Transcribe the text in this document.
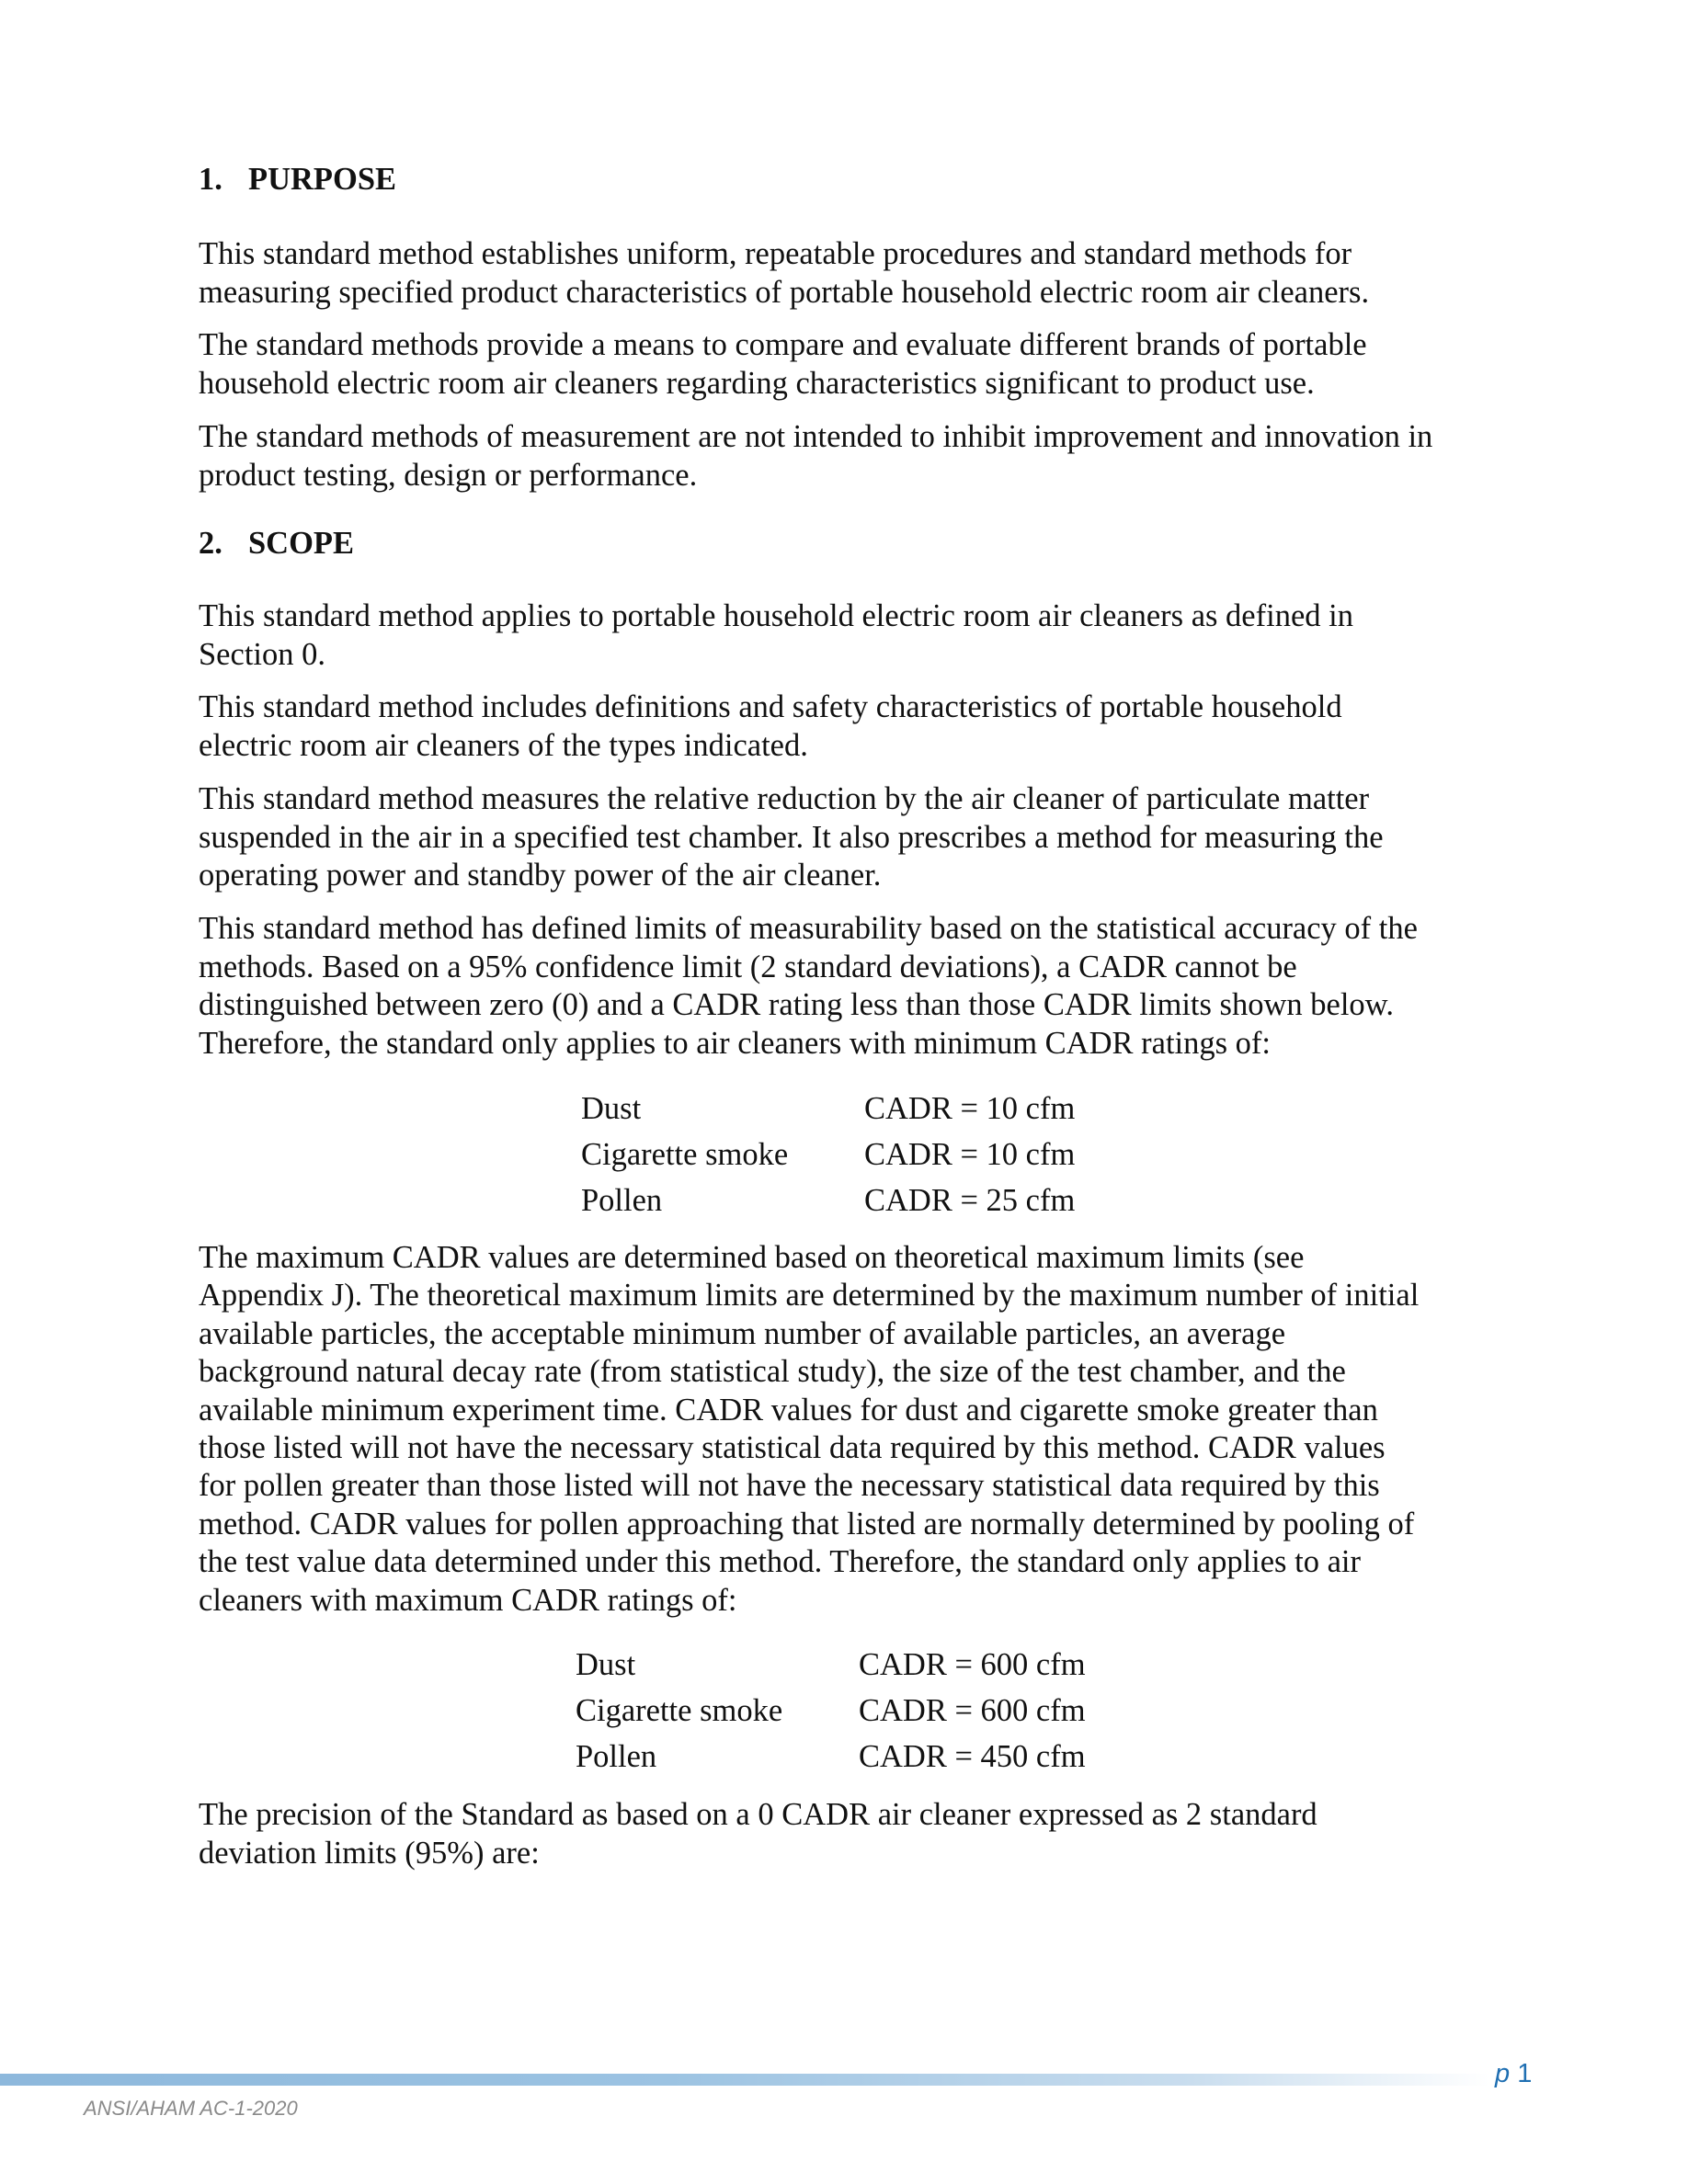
1. PURPOSE
This standard method establishes uniform, repeatable procedures and standard methods for
measuring specified product characteristics of portable household electric room air cleaners.
The standard methods provide a means to compare and evaluate different brands of portable
household electric room air cleaners regarding characteristics significant to product use.
The standard methods of measurement are not intended to inhibit improvement and innovation in
product testing, design or performance.
2. SCOPE
This standard method applies to portable household electric room air cleaners as defined in
Section 0.
This standard method includes definitions and safety characteristics of portable household
electric room air cleaners of the types indicated.
This standard method measures the relative reduction by the air cleaner of particulate matter
suspended in the air in a specified test chamber. It also prescribes a method for measuring the
operating power and standby power of the air cleaner.
This standard method has defined limits of measurability based on the statistical accuracy of the
methods. Based on a 95% confidence limit (2 standard deviations), a CADR cannot be
distinguished between zero (0) and a CADR rating less than those CADR limits shown below.
Therefore, the standard only applies to air cleaners with minimum CADR ratings of:
Dust	CADR = 10 cfm
Cigarette smoke CADR = 10 cfm
Pollen	CADR = 25 cfm
The maximum CADR values are determined based on theoretical maximum limits (see
Appendix J). The theoretical maximum limits are determined by the maximum number of initial
available particles, the acceptable minimum number of available particles, an average
background natural decay rate (from statistical study), the size of the test chamber, and the
available minimum experiment time. CADR values for dust and cigarette smoke greater than
those listed will not have the necessary statistical data required by this method. CADR values
for pollen greater than those listed will not have the necessary statistical data required by this
method. CADR values for pollen approaching that listed are normally determined by pooling of
the test value data determined under this method. Therefore, the standard only applies to air
cleaners with maximum CADR ratings of:
Dust	CADR = 600 cfm
Cigarette smoke CADR = 600 cfm
Pollen	CADR = 450 cfm
The precision of the Standard as based on a 0 CADR air cleaner expressed as 2 standard
deviation limits (95%) are:
p 1
ANSI/AHAM AC-1-2020
